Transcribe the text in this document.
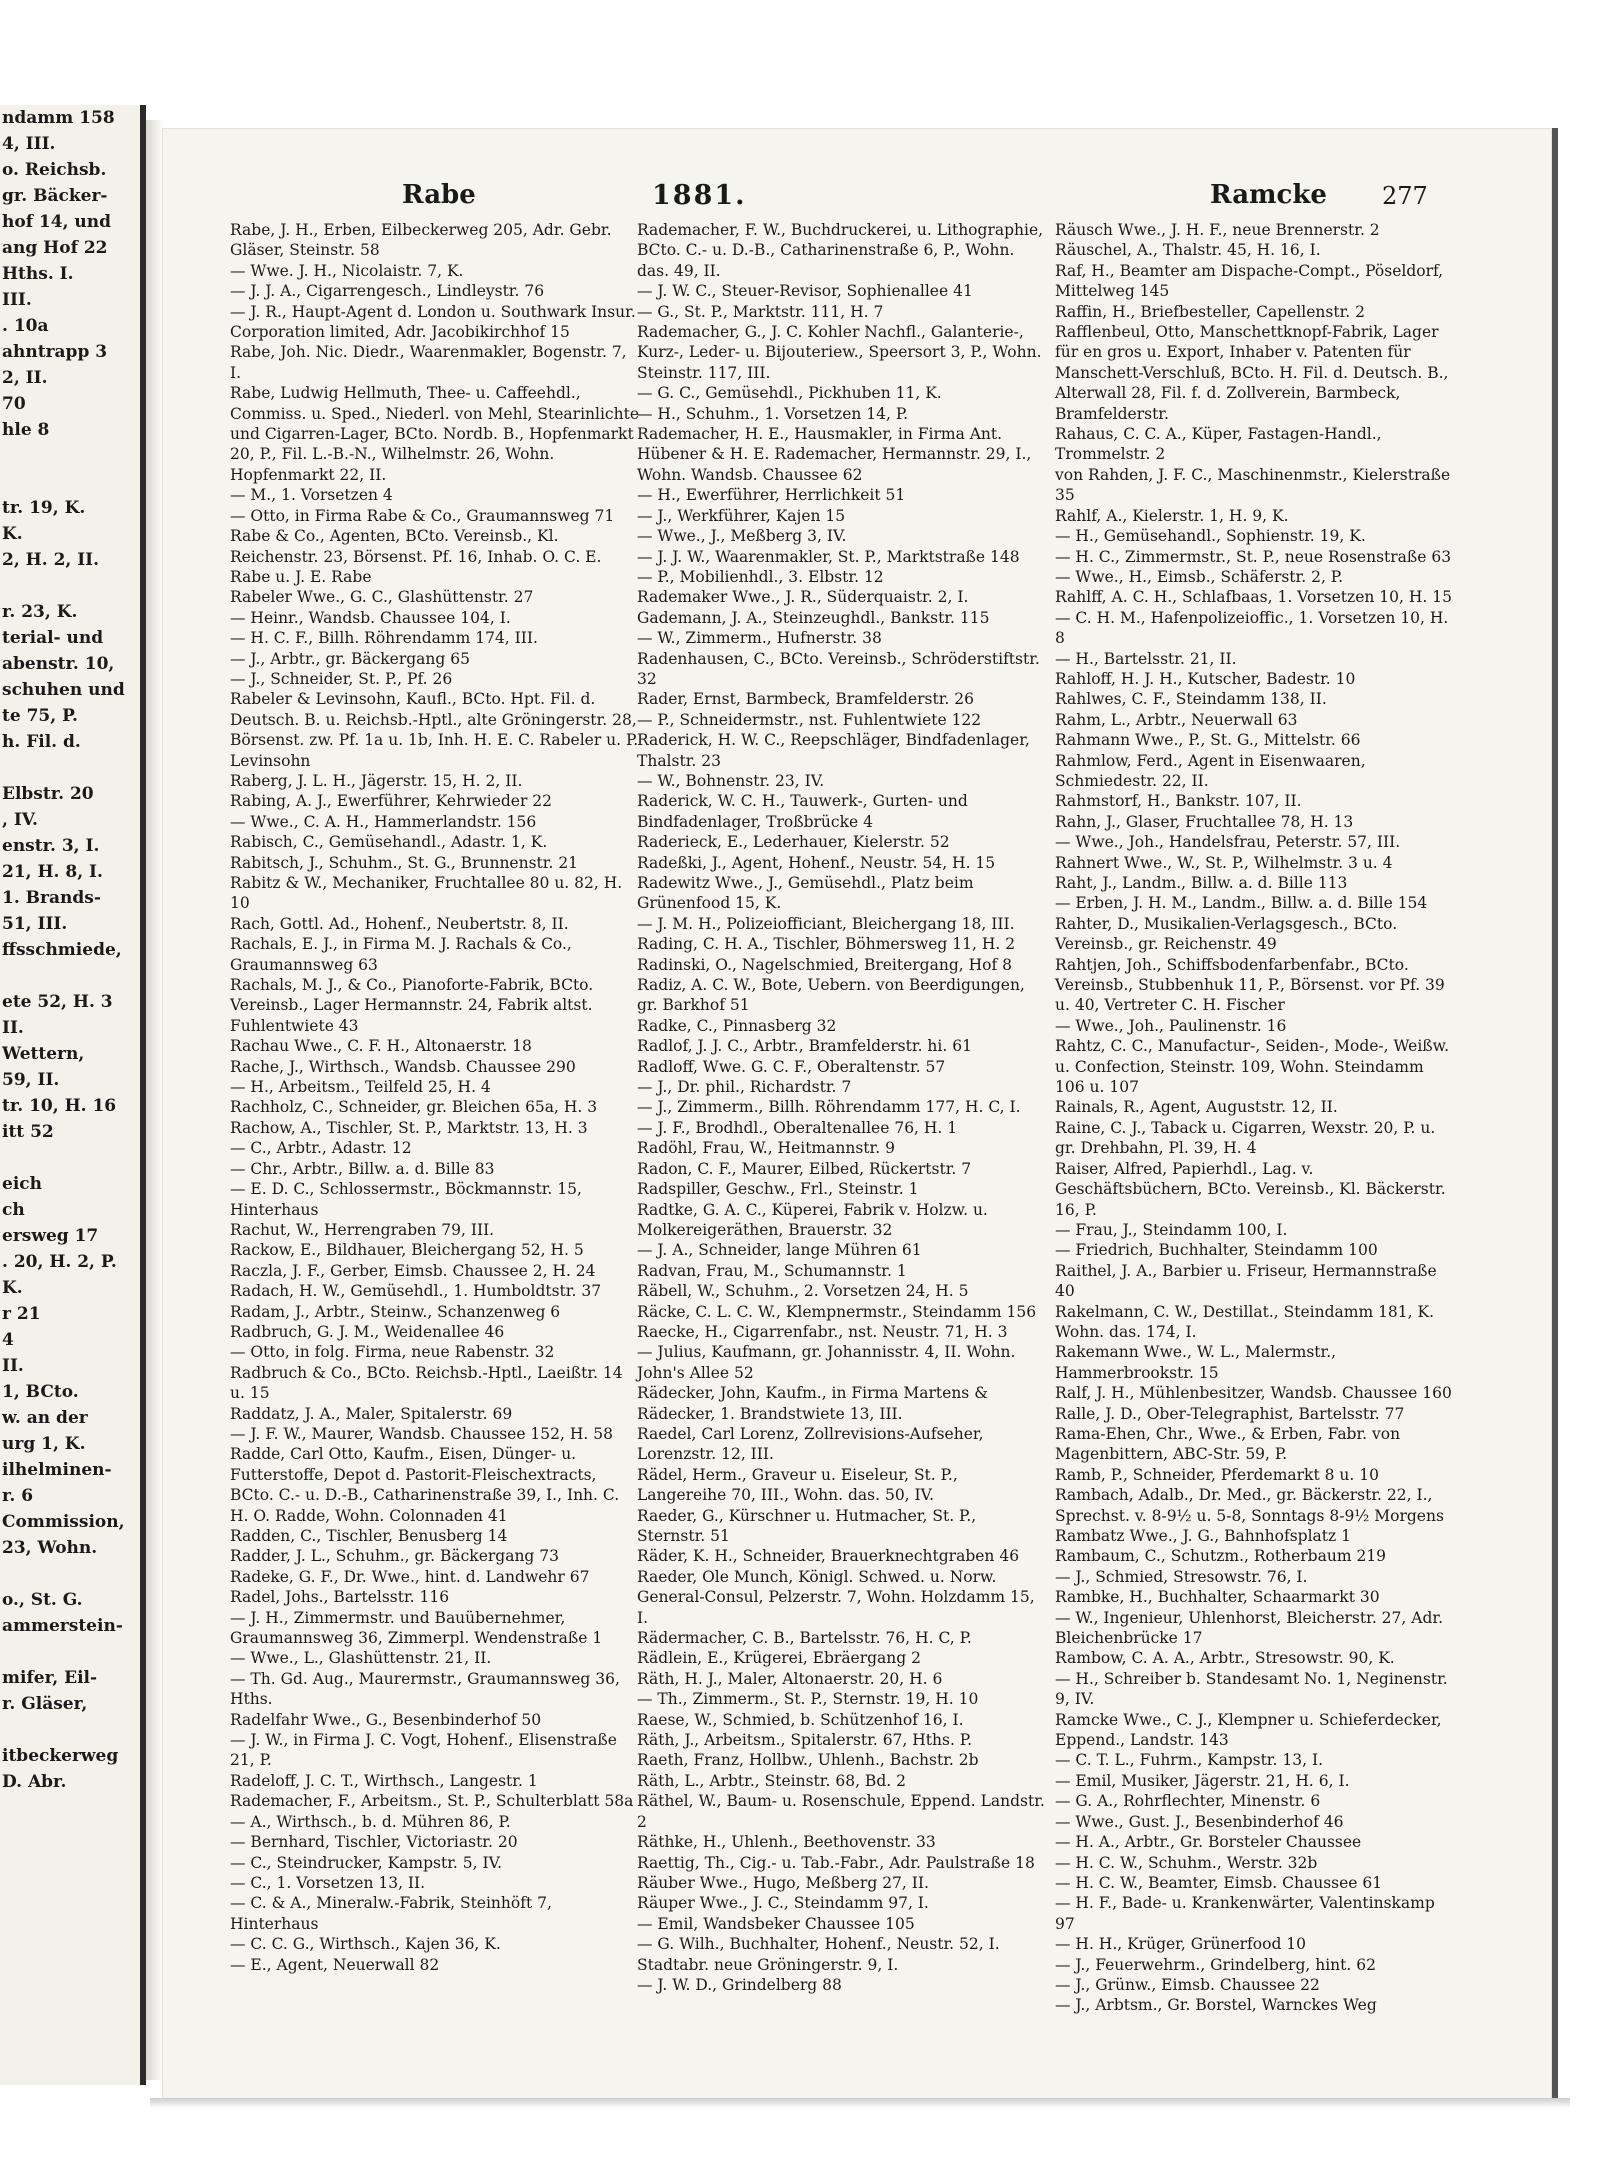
ndamm 158
4, III.
o. Reichsb.
gr. Bäcker-
hof 14, und
ang Hof 22
Hths. I.
III.
. 10a
ahntrapp 3
2, II.
70
hle 8

tr. 19, K.
K.
2, H. 2, II.

r. 23, K.
terial- und
abenstr. 10,
schuhen und
te 75, P.
h. Fil. d.

Elbstr. 20
, IV.
enstr. 3, I.
21, H. 8, I.
1. Brands-
51, III.
ffsschmiede,

ete 52, H. 3
II.
Wettern,
59, II.
tr. 10, H. 16
itt 52

eich
ch
ersweg 17
. 20, H. 2, P.
K.
r 21
4
II.
1, BCto.
w. an der
urg 1, K.
ilhelminen-
r. 6
Commission,
23, Wohn.

o., St. G.
ammerstein-

mifer, Eil-
r. Gläser,

itbeckerweg
D. Abr.
Rabe	1881.	Ramcke 277

Rabe, J. H., Erben, Eilbeckerweg 205, Adr. Gebr. Gläser, Steinstr. 58

— Wwe. J. H., Nicolaistr. 7, K.

— J. J. A., Cigarrengesch., Lindleystr. 76

— J. R., Haupt-Agent d. London u. Southwark Insur. Corporation limited, Adr. Jacobikirchhof 15

Rabe, Joh. Nic. Diedr., Waarenmakler, Bogenstr. 7, I.

Rabe, Ludwig Hellmuth, Thee- u. Caffeehdl., Commiss. u. Sped., Niederl. von Mehl, Stearinlichte und Cigarren-Lager, BCto. Nordb. B., Hopfenmarkt 20, P., Fil. L.-B.-N., Wilhelmstr. 26, Wohn. Hopfenmarkt 22, II.

— M., 1. Vorsetzen 4

— Otto, in Firma Rabe & Co., Graumannsweg 71

Rabe & Co., Agenten, BCto. Vereinsb., Kl. Reichenstr. 23, Börsenst. Pf. 16, Inhab. O. C. E. Rabe u. J. E. Rabe

Rabeler Wwe., G. C., Glashüttenstr. 27

— Heinr., Wandsb. Chaussee 104, I.

— H. C. F., Billh. Röhrendamm 174, III.

— J., Arbtr., gr. Bäckergang 65

— J., Schneider, St. P., Pf. 26

Rabeler & Levinsohn, Kaufl., BCto. Hpt. Fil. d. Deutsch. B. u. Reichsb.-Hptl., alte Gröningerstr. 28, Börsenst. zw. Pf. 1a u. 1b, Inh. H. E. C. Rabeler u. P. Levinsohn

Raberg, J. L. H., Jägerstr. 15, H. 2, II.

Rabing, A. J., Ewerführer, Kehrwieder 22

— Wwe., C. A. H., Hammerlandstr. 156

Rabisch, C., Gemüsehandl., Adastr. 1, K.

Rabitsch, J., Schuhm., St. G., Brunnenstr. 21

Rabitz & W., Mechaniker, Fruchtallee 80 u. 82, H. 10

Rach, Gottl. Ad., Hohenf., Neubertstr. 8, II.

Rachals, E. J., in Firma M. J. Rachals & Co., Graumannsweg 63

Rachals, M. J., & Co., Pianoforte-Fabrik, BCto. Vereinsb., Lager Hermannstr. 24, Fabrik altst. Fuhlentwiete 43

Rachau Wwe., C. F. H., Altonaerstr. 18

Rache, J., Wirthsch., Wandsb. Chaussee 290

— H., Arbeitsm., Teilfeld 25, H. 4

Rachholz, C., Schneider, gr. Bleichen 65a, H. 3

Rachow, A., Tischler, St. P., Marktstr. 13, H. 3

— C., Arbtr., Adastr. 12

— Chr., Arbtr., Billw. a. d. Bille 83

— E. D. C., Schlossermstr., Böckmannstr. 15, Hinterhaus

Rachut, W., Herrengraben 79, III.

Rackow, E., Bildhauer, Bleichergang 52, H. 5

Raczla, J. F., Gerber, Eimsb. Chaussee 2, H. 24

Radach, H. W., Gemüsehdl., 1. Humboldtstr. 37

Radam, J., Arbtr., Steinw., Schanzenweg 6

Radbruch, G. J. M., Weidenallee 46

— Otto, in folg. Firma, neue Rabenstr. 32

Radbruch & Co., BCto. Reichsb.-Hptl., Laeißtr. 14 u. 15

Raddatz, J. A., Maler, Spitalerstr. 69

— J. F. W., Maurer, Wandsb. Chaussee 152, H. 58

Radde, Carl Otto, Kaufm., Eisen, Dünger- u. Futterstoffe, Depot d. Pastorit-Fleischextracts, BCto. C.- u. D.-B., Catharinenstraße 39, I., Inh. C. H. O. Radde, Wohn. Colonnaden 41

Radden, C., Tischler, Benusberg 14

Radder, J. L., Schuhm., gr. Bäckergang 73

Radeke, G. F., Dr. Wwe., hint. d. Landwehr 67

Radel, Johs., Bartelsstr. 116

— J. H., Zimmermstr. und Bauübernehmer, Graumannsweg 36, Zimmerpl. Wendenstraße 1

— Wwe., L., Glashüttenstr. 21, II.

— Th. Gd. Aug., Maurermstr., Graumannsweg 36, Hths.

Radelfahr Wwe., G., Besenbinderhof 50

— J. W., in Firma J. C. Vogt, Hohenf., Elisenstraße 21, P.

Radeloff, J. C. T., Wirthsch., Langestr. 1

Rademacher, F., Arbeitsm., St. P., Schulterblatt 58a

— A., Wirthsch., b. d. Mühren 86, P.

— Bernhard, Tischler, Victoriastr. 20

— C., Steindrucker, Kampstr. 5, IV.

— C., 1. Vorsetzen 13, II.

— C. & A., Mineralw.-Fabrik, Steinhöft 7, Hinterhaus

— C. C. G., Wirthsch., Kajen 36, K.

— E., Agent, Neuerwall 82

Rademacher, F. W., Buchdruckerei, u. Lithographie, BCto. C.- u. D.-B., Catharinenstraße 6, P., Wohn. das. 49, II.

— J. W. C., Steuer-Revisor, Sophienallee 41

— G., St. P., Marktstr. 111, H. 7

Rademacher, G., J. C. Kohler Nachfl., Galanterie-, Kurz-, Leder- u. Bijouteriew., Speersort 3, P., Wohn. Steinstr. 117, III.

— G. C., Gemüsehdl., Pickhuben 11, K.

— H., Schuhm., 1. Vorsetzen 14, P.

Rademacher, H. E., Hausmakler, in Firma Ant. Hübener & H. E. Rademacher, Hermannstr. 29, I., Wohn. Wandsb. Chaussee 62

— H., Ewerführer, Herrlichkeit 51

— J., Werkführer, Kajen 15

— Wwe., J., Meßberg 3, IV.

— J. J. W., Waarenmakler, St. P., Marktstraße 148

— P., Mobilienhdl., 3. Elbstr. 12

Rademaker Wwe., J. R., Süderquaistr. 2, I.

Gademann, J. A., Steinzeughdl., Bankstr. 115

— W., Zimmerm., Hufnerstr. 38

Radenhausen, C., BCto. Vereinsb., Schröderstiftstr. 32

Rader, Ernst, Barmbeck, Bramfelderstr. 26

— P., Schneidermstr., nst. Fuhlentwiete 122

Raderick, H. W. C., Reepschläger, Bindfadenlager, Thalstr. 23

— W., Bohnenstr. 23, IV.

Raderick, W. C. H., Tauwerk-, Gurten- und Bindfadenlager, Troßbrücke 4

Raderieck, E., Lederhauer, Kielerstr. 52

Radeßki, J., Agent, Hohenf., Neustr. 54, H. 15

Radewitz Wwe., J., Gemüsehdl., Platz beim Grünenfood 15, K.

— J. M. H., Polizeiofficiant, Bleichergang 18, III.

Rading, C. H. A., Tischler, Böhmersweg 11, H. 2

Radinski, O., Nagelschmied, Breitergang, Hof 8

Radiz, A. C. W., Bote, Uebern. von Beerdigungen, gr. Barkhof 51

Radke, C., Pinnasberg 32

Radlof, J. J. C., Arbtr., Bramfelderstr. hi. 61

Radloff, Wwe. G. C. F., Oberaltenstr. 57

— J., Dr. phil., Richardstr. 7

— J., Zimmerm., Billh. Röhrendamm 177, H. C, I.

— J. F., Brodhdl., Oberaltenallee 76, H. 1

Radöhl, Frau, W., Heitmannstr. 9

Radon, C. F., Maurer, Eilbed, Rückertstr. 7

Radspiller, Geschw., Frl., Steinstr. 1

Radtke, G. A. C., Küperei, Fabrik v. Holzw. u. Molkereigeräthen, Brauerstr. 32

— J. A., Schneider, lange Mühren 61

Radvan, Frau, M., Schumannstr. 1

Räbell, W., Schuhm., 2. Vorsetzen 24, H. 5

Räcke, C. L. C. W., Klempnermstr., Steindamm 156

Raecke, H., Cigarrenfabr., nst. Neustr. 71, H. 3

— Julius, Kaufmann, gr. Johannisstr. 4, II. Wohn. John's Allee 52

Rädecker, John, Kaufm., in Firma Martens & Rädecker, 1. Brandstwiete 13, III.

Raedel, Carl Lorenz, Zollrevisions-Aufseher, Lorenzstr. 12, III.

Rädel, Herm., Graveur u. Eiseleur, St. P., Langereihe 70, III., Wohn. das. 50, IV.

Raeder, G., Kürschner u. Hutmacher, St. P., Sternstr. 51

Räder, K. H., Schneider, Brauerknechtgraben 46

Raeder, Ole Munch, Königl. Schwed. u. Norw. General-Consul, Pelzerstr. 7, Wohn. Holzdamm 15, I.

Rädermacher, C. B., Bartelsstr. 76, H. C, P.

Rädlein, E., Krügerei, Ebräergang 2

Räth, H. J., Maler, Altonaerstr. 20, H. 6

— Th., Zimmerm., St. P., Sternstr. 19, H. 10

Raese, W., Schmied, b. Schützenhof 16, I.

Räth, J., Arbeitsm., Spitalerstr. 67, Hths. P.

Raeth, Franz, Hollbw., Uhlenh., Bachstr. 2b

Räth, L., Arbtr., Steinstr. 68, Bd. 2

Räthel, W., Baum- u. Rosenschule, Eppend. Landstr. 2

Räthke, H., Uhlenh., Beethovenstr. 33

Raettig, Th., Cig.- u. Tab.-Fabr., Adr. Paulstraße 18

Räuber Wwe., Hugo, Meßberg 27, II.

Räuper Wwe., J. C., Steindamm 97, I.

— Emil, Wandsbeker Chaussee 105

— G. Wilh., Buchhalter, Hohenf., Neustr. 52, I. Stadtabr. neue Gröningerstr. 9, I.

— J. W. D., Grindelberg 88

Räusch Wwe., J. H. F., neue Brennerstr. 2

Räuschel, A., Thalstr. 45, H. 16, I.

Raf, H., Beamter am Dispache-Compt., Pöseldorf, Mittelweg 145

Raffin, H., Briefbesteller, Capellenstr. 2

Rafflenbeul, Otto, Manschettknopf-Fabrik, Lager für en gros u. Export, Inhaber v. Patenten für Manschett-Verschluß, BCto. H. Fil. d. Deutsch. B., Alterwall 28, Fil. f. d. Zollverein, Barmbeck, Bramfelderstr.

Rahaus, C. C. A., Küper, Fastagen-Handl., Trommelstr. 2

von Rahden, J. F. C., Maschinenmstr., Kielerstraße 35

Rahlf, A., Kielerstr. 1, H. 9, K.

— H., Gemüsehandl., Sophienstr. 19, K.

— H. C., Zimmermstr., St. P., neue Rosenstraße 63

— Wwe., H., Eimsb., Schäferstr. 2, P.

Rahlff, A. C. H., Schlafbaas, 1. Vorsetzen 10, H. 15

— C. H. M., Hafenpolizeioffic., 1. Vorsetzen 10, H. 8

— H., Bartelsstr. 21, II.

Rahloff, H. J. H., Kutscher, Badestr. 10

Rahlwes, C. F., Steindamm 138, II.

Rahm, L., Arbtr., Neuerwall 63

Rahmann Wwe., P., St. G., Mittelstr. 66

Rahmlow, Ferd., Agent in Eisenwaaren, Schmiedestr. 22, II.

Rahmstorf, H., Bankstr. 107, II.

Rahn, J., Glaser, Fruchtallee 78, H. 13

— Wwe., Joh., Handelsfrau, Peterstr. 57, III.

Rahnert Wwe., W., St. P., Wilhelmstr. 3 u. 4

Raht, J., Landm., Billw. a. d. Bille 113

— Erben, J. H. M., Landm., Billw. a. d. Bille 154

Rahter, D., Musikalien-Verlagsgesch., BCto. Vereinsb., gr. Reichenstr. 49

Rahtjen, Joh., Schiffsbodenfarbenfabr., BCto. Vereinsb., Stubbenhuk 11, P., Börsenst. vor Pf. 39 u. 40, Vertreter C. H. Fischer

— Wwe., Joh., Paulinenstr. 16

Rahtz, C. C., Manufactur-, Seiden-, Mode-, Weißw. u. Confection, Steinstr. 109, Wohn. Steindamm 106 u. 107

Rainals, R., Agent, Auguststr. 12, II.

Raine, C. J., Taback u. Cigarren, Wexstr. 20, P. u. gr. Drehbahn, Pl. 39, H. 4

Raiser, Alfred, Papierhdl., Lag. v. Geschäftsbüchern, BCto. Vereinsb., Kl. Bäckerstr. 16, P.

— Frau, J., Steindamm 100, I.

— Friedrich, Buchhalter, Steindamm 100

Raithel, J. A., Barbier u. Friseur, Hermannstraße 40

Rakelmann, C. W., Destillat., Steindamm 181, K. Wohn. das. 174, I.

Rakemann Wwe., W. L., Malermstr., Hammerbrookstr. 15

Ralf, J. H., Mühlenbesitzer, Wandsb. Chaussee 160

Ralle, J. D., Ober-Telegraphist, Bartelsstr. 77

Rama-Ehen, Chr., Wwe., & Erben, Fabr. von Magenbittern, ABC-Str. 59, P.

Ramb, P., Schneider, Pferdemarkt 8 u. 10

Rambach, Adalb., Dr. Med., gr. Bäckerstr. 22, I., Sprechst. v. 8-9½ u. 5-8, Sonntags 8-9½ Morgens

Rambatz Wwe., J. G., Bahnhofsplatz 1

Rambaum, C., Schutzm., Rotherbaum 219

— J., Schmied, Stresowstr. 76, I.

Rambke, H., Buchhalter, Schaarmarkt 30

— W., Ingenieur, Uhlenhorst, Bleicherstr. 27, Adr. Bleichenbrücke 17

Rambow, C. A. A., Arbtr., Stresowstr. 90, K.

— H., Schreiber b. Standesamt No. 1, Neginenstr. 9, IV.

Ramcke Wwe., C. J., Klempner u. Schieferdecker, Eppend., Landstr. 143

— C. T. L., Fuhrm., Kampstr. 13, I.

— Emil, Musiker, Jägerstr. 21, H. 6, I.

— G. A., Rohrflechter, Minenstr. 6

— Wwe., Gust. J., Besenbinderhof 46

— H. A., Arbtr., Gr. Borsteler Chaussee

— H. C. W., Schuhm., Werstr. 32b

— H. C. W., Beamter, Eimsb. Chaussee 61

— H. F., Bade- u. Krankenwärter, Valentinskamp 97

— H. H., Krüger, Grünerfood 10

— J., Feuerwehrm., Grindelberg, hint. 62

— J., Grünw., Eimsb. Chaussee 22

— J., Arbtsm., Gr. Borstel, Warnckes Weg
